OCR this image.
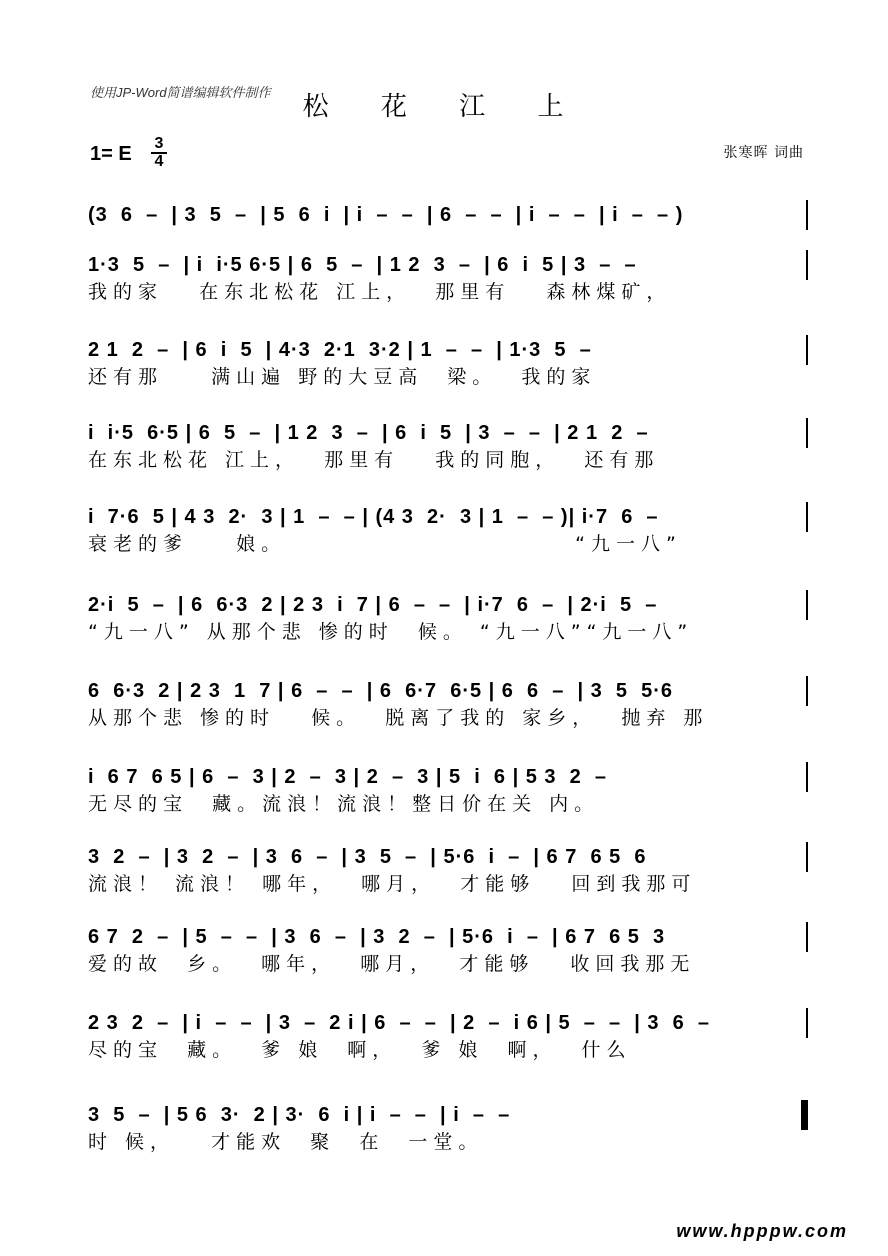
使用JP-Word简谱编辑软件制作	松 花 江 上
1= E 3
4	张寒晖 词曲
(3  6  –  | 3  5  –  | 5  6  i  | i  –  –  | 6  –  –  | i  –  –  | i  –  – )
1·3  5  –  | i  i·5 6·5 | 6  5  –  | 1 2  3  –  | 6  i  5 | 3  –  –
我的家   在东北松花 江上，  那里有   森林煤矿，
2 1  2  –  | 6  i  5  | 4·3  2·1  3·2 | 1  –  –  | 1·3  5  –
还有那    满山遍 野的大豆高  梁。  我的家
i  i·5  6·5 | 6  5  –  | 1 2  3  –  | 6  i  5  | 3  –  –  | 2 1  2  –
在东北松花 江上，  那里有   我的同胞，  还有那
i  7·6  5 | 4 3  2·  3 | 1  –  – | (4 3  2·  3 | 1  –  – )| i·7  6  –
衰老的爹    娘。                        “九一八”
2·i  5  –  | 6  6·3  2 | 2 3  i  7 | 6  –  –  | i·7  6  –  | 2·i  5  –
“九一八” 从那个悲 惨的时  候。 “九一八”“九一八”
6  6·3  2 | 2 3  1  7 | 6  –  –  | 6  6·7  6·5 | 6  6  –  | 3  5  5·6
从那个悲 惨的时   候。  脱离了我的 家乡，  抛弃 那
i  6 7  6 5 | 6  –  3 | 2  –  3 | 2  –  3 | 5  i  6 | 5 3  2  –
无尽的宝  藏。流浪！流浪！整日价在关 内。
3  2  –  | 3  2  –  | 3  6  –  | 3  5  –  | 5·6  i  –  | 6 7  6 5  6
流浪！ 流浪！ 哪年，  哪月，  才能够   回到我那可
6 7  2  –  | 5  –  –  | 3  6  –  | 3  2  –  | 5·6  i  –  | 6 7  6 5  3
爱的故  乡。  哪年，  哪月，  才能够   收回我那无
2 3  2  –  | i  –  –  | 3  –  2 i | 6  –  –  | 2  –  i 6 | 5  –  –  | 3  6  –
尽的宝  藏。  爹 娘  啊，  爹 娘  啊，  什么
3  5  –  | 5 6  3·  2 | 3·  6  i | i  –  –  | i  –  –
时 候，   才能欢  聚  在  一堂。
www.hpppw.com
